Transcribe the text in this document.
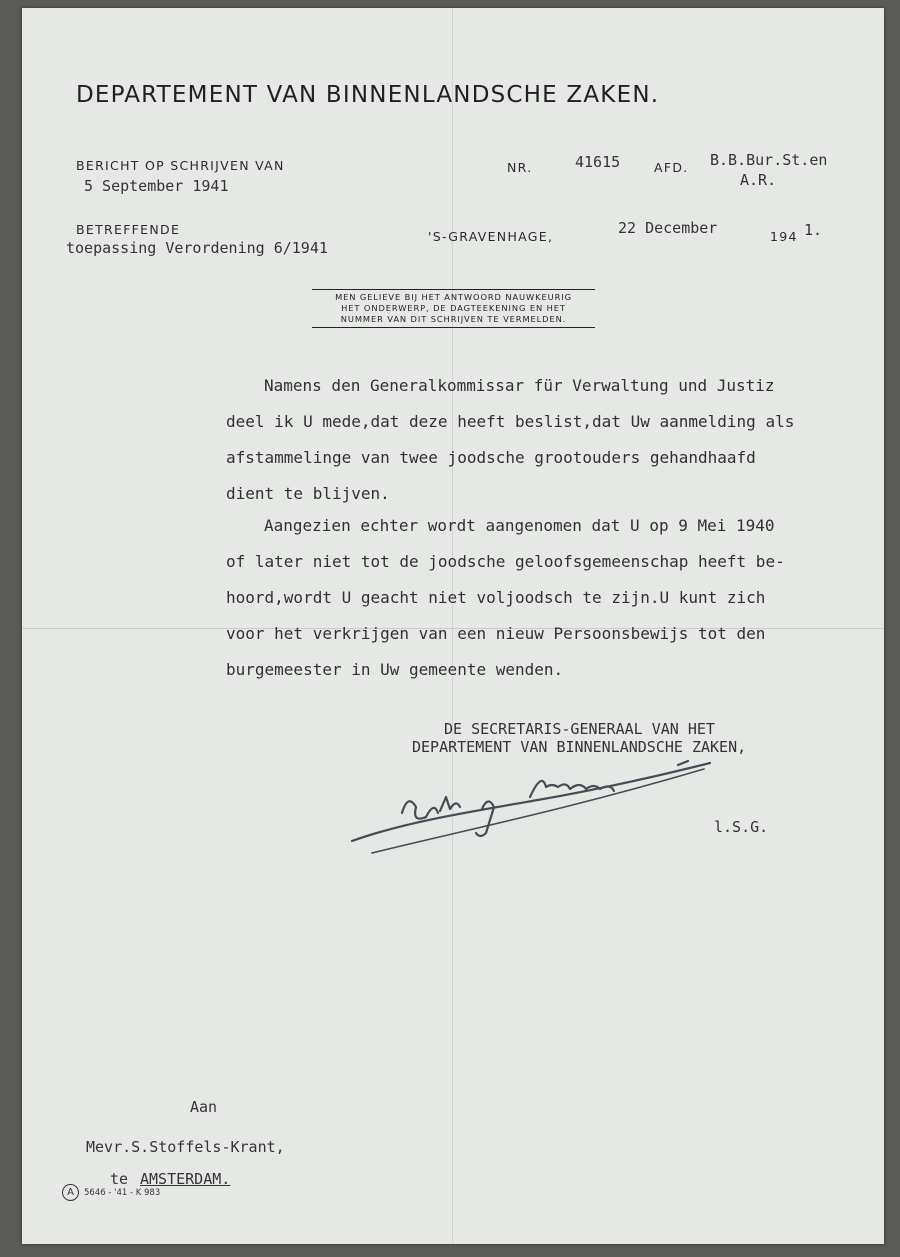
DEPARTEMENT VAN BINNENLANDSCHE ZAKEN.
BERICHT OP SCHRIJVEN VAN
5 September 1941
NR.	41615	AFD. B.B.Bur.St.en
A.R.
BETREFFENDE
toepassing Verordening 6/1941
'S-GRAVENHAGE,	22 December	194 1.
MEN GELIEVE BIJ HET ANTWOORD NAUWKEURIG
HET ONDERWERP, DE DAGTEEKENING EN HET
NUMMER VAN DIT SCHRIJVEN TE VERMELDEN.
Namens den Generalkommissar für Verwaltung und Justiz
deel ik U mede,dat deze heeft beslist,dat Uw aanmelding als
afstammelinge van twee joodsche grootouders gehandhaafd
dient te blijven.
Aangezien echter wordt aangenomen dat U op 9 Mei 1940
of later niet tot de joodsche geloofsgemeenschap heeft be-
hoord,wordt U geacht niet voljoodsch te zijn.U kunt zich
voor het verkrijgen van een nieuw Persoonsbewijs tot den
burgemeester in Uw gemeente wenden.
DE SECRETARIS-GENERAAL VAN HET
DEPARTEMENT VAN BINNENLANDSCHE ZAKEN,
l.S.G.
Aan
Mevr.S.Stoffels-Krant,
te AMSTERDAM.
A	5646 - '41 - K 983
